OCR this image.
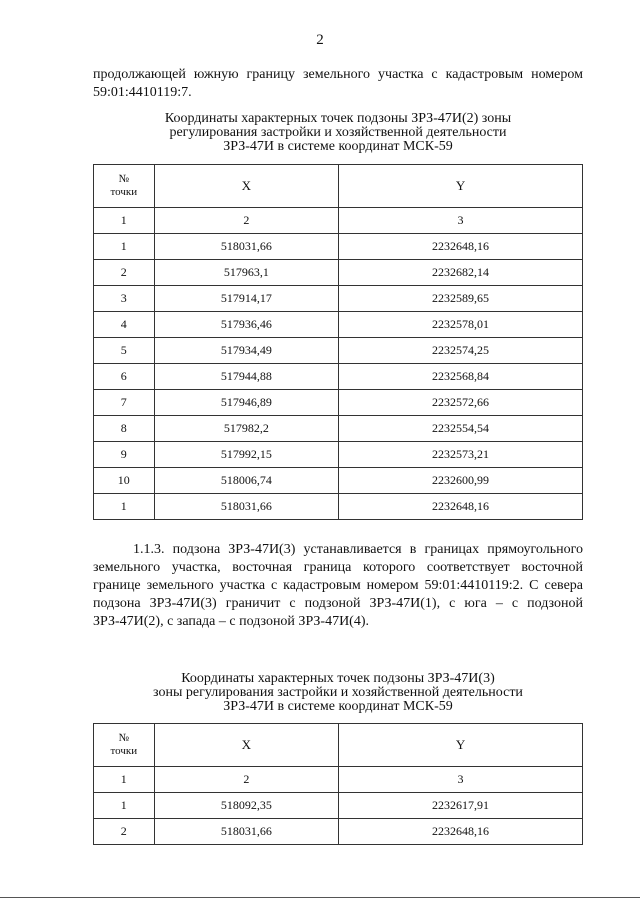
2

продолжающей южную границу земельного участка с кадастровым номером 59:01:4410119:7.

Координаты характерных точек подзоны ЗРЗ-47И(2) зоны
регулирования застройки и хозяйственной деятельности
ЗРЗ-47И в системе координат МСК-59
№
точки	X	Y
1	2	3
1	518031,66	2232648,16
2	517963,1	2232682,14
3	517914,17	2232589,65
4	517936,46	2232578,01
5	517934,49	2232574,25
6	517944,88	2232568,84
7	517946,89	2232572,66
8	517982,2	2232554,54
9	517992,15	2232573,21
10	518006,74	2232600,99
1	518031,66	2232648,16

1.1.3. подзона ЗРЗ-47И(3) устанавливается в границах прямоугольного земельного участка, восточная граница которого соответствует восточной границе земельного участка с кадастровым номером 59:01:4410119:2. С севера подзона ЗРЗ-47И(3) граничит с подзоной ЗРЗ-47И(1), с юга – с подзоной ЗРЗ-47И(2), с запада – с подзоной ЗРЗ-47И(4).

Координаты характерных точек подзоны ЗРЗ-47И(3)
зоны регулирования застройки и хозяйственной деятельности
ЗРЗ-47И в системе координат МСК-59
№
точки	X	Y
1	2	3
1	518092,35	2232617,91
2	518031,66	2232648,16
